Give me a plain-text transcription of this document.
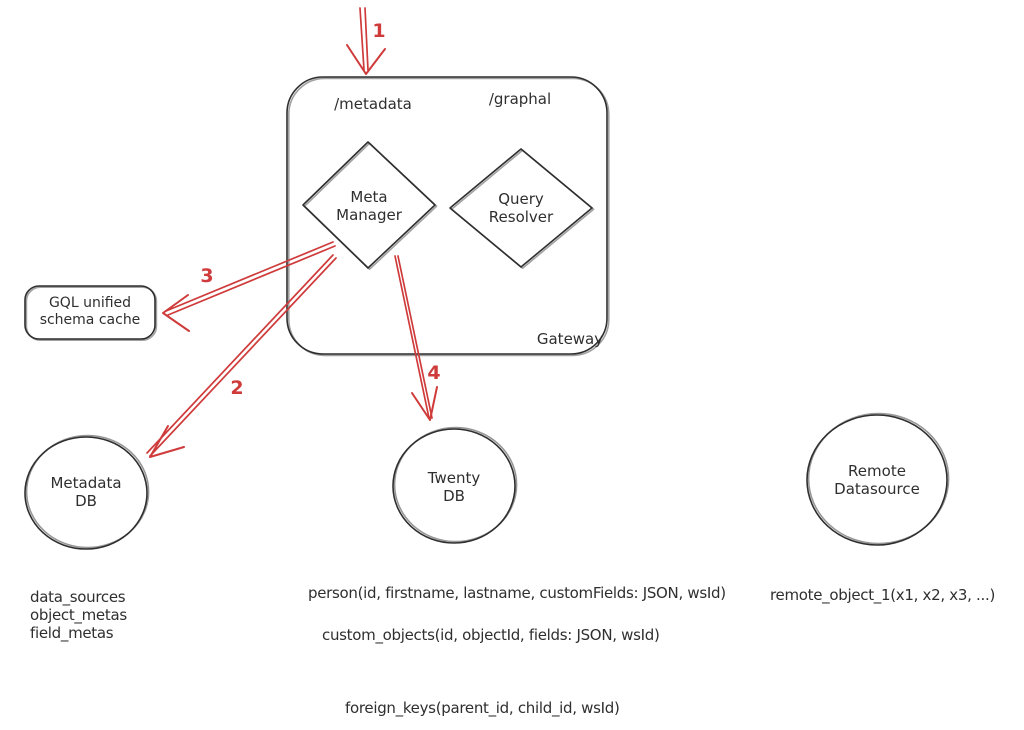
/metadata	/graphal
Meta
Manager
Query
Resolver
Gateway
GQL unified
schema cache
Metadata
DB
Twenty
DB
Remote
Datasource
1
2
3
4
data_sources
object_metas
field_metas
person(id, firstname, lastname, customFields: JSON, wsId)
custom_objects(id, objectId, fields: JSON, wsId)
foreign_keys(parent_id, child_id, wsId)
remote_object_1(x1, x2, x3, ...)
